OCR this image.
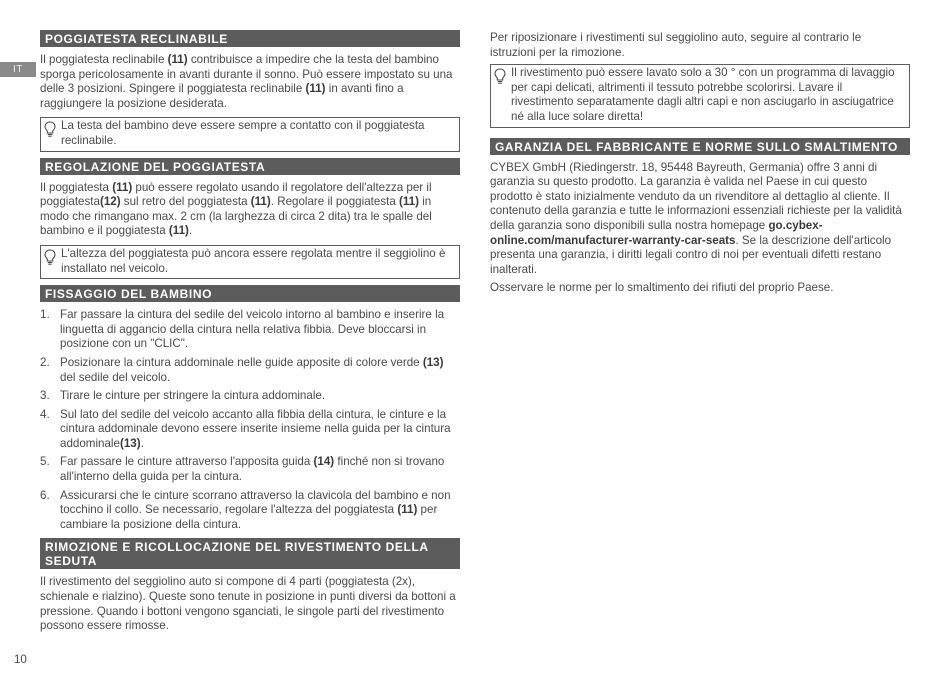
IT
POGGIATESTA RECLINABILE

Il poggiatesta reclinabile (11) contribuisce a impedire che la testa del bambino sporga pericolosamente in avanti durante il sonno. Può essere impostato su una delle 3 posizioni. Spingere il poggiatesta reclinabile (11) in avanti fino a raggiungere la posizione desiderata.

La testa del bambino deve essere sempre a contatto con il poggiatesta reclinabile.
REGOLAZIONE DEL POGGIATESTA

Il poggiatesta (11) può essere regolato usando il regolatore dell'altezza per il poggiatesta(12) sul retro del poggiatesta (11). Regolare il poggiatesta (11) in modo che rimangano max. 2 cm (la larghezza di circa 2 dita) tra le spalle del bambino e il poggiatesta (11).

L'altezza del poggiatesta può ancora essere regolata mentre il seggiolino è installato nel veicolo.
FISSAGGIO DEL BAMBINO
1. Far passare la cintura del sedile del veicolo intorno al bambino e inserire la linguetta di aggancio della cintura nella relativa fibbia. Deve bloccarsi in posizione con un "CLIC".
2. Posizionare la cintura addominale nelle guide apposite di colore verde (13) del sedile del veicolo.
3. Tirare le cinture per stringere la cintura addominale.
4. Sul lato del sedile del veicolo accanto alla fibbia della cintura, le cinture e la cintura addominale devono essere inserite insieme nella guida per la cintura addominale(13).
5. Far passare le cinture attraverso l'apposita guida (14) finché non si trovano all'interno della guida per la cintura.
6. Assicurarsi che le cinture scorrano attraverso la clavicola del bambino e non tocchino il collo. Se necessario, regolare l'altezza del poggiatesta (11) per cambiare la posizione della cintura.
RIMOZIONE E RICOLLOCAZIONE DEL RIVESTIMENTO DELLA SEDUTA

Il rivestimento del seggiolino auto si compone di 4 parti (poggiatesta (2x), schienale e rialzino). Queste sono tenute in posizione in punti diversi da bottoni a pressione. Quando i bottoni vengono sganciati, le singole parti del rivestimento possono essere rimosse.

Per riposizionare i rivestimenti sul seggiolino auto, seguire al contrario le istruzioni per la rimozione.

Il rivestimento può essere lavato solo a 30 ° con un programma di lavaggio per capi delicati, altrimenti il tessuto potrebbe scolorirsi. Lavare il rivestimento separatamente dagli altri capi e non asciugarlo in asciugatrice né alla luce solare diretta!
GARANZIA DEL FABBRICANTE E NORME SULLO SMALTIMENTO

CYBEX GmbH (Riedingerstr. 18, 95448 Bayreuth, Germania) offre 3 anni di garanzia su questo prodotto. La garanzia è valida nel Paese in cui questo prodotto è stato inizialmente venduto da un rivenditore al dettaglio al cliente. Il contenuto della garanzia e tutte le informazioni essenziali richieste per la validità della garanzia sono disponibili sulla nostra homepage go.cybex-online.com/manufacturer-warranty-car-seats. Se la descrizione dell'articolo presenta una garanzia, i diritti legali contro di noi per eventuali difetti restano inalterati.

Osservare le norme per lo smaltimento dei rifiuti del proprio Paese.

10
